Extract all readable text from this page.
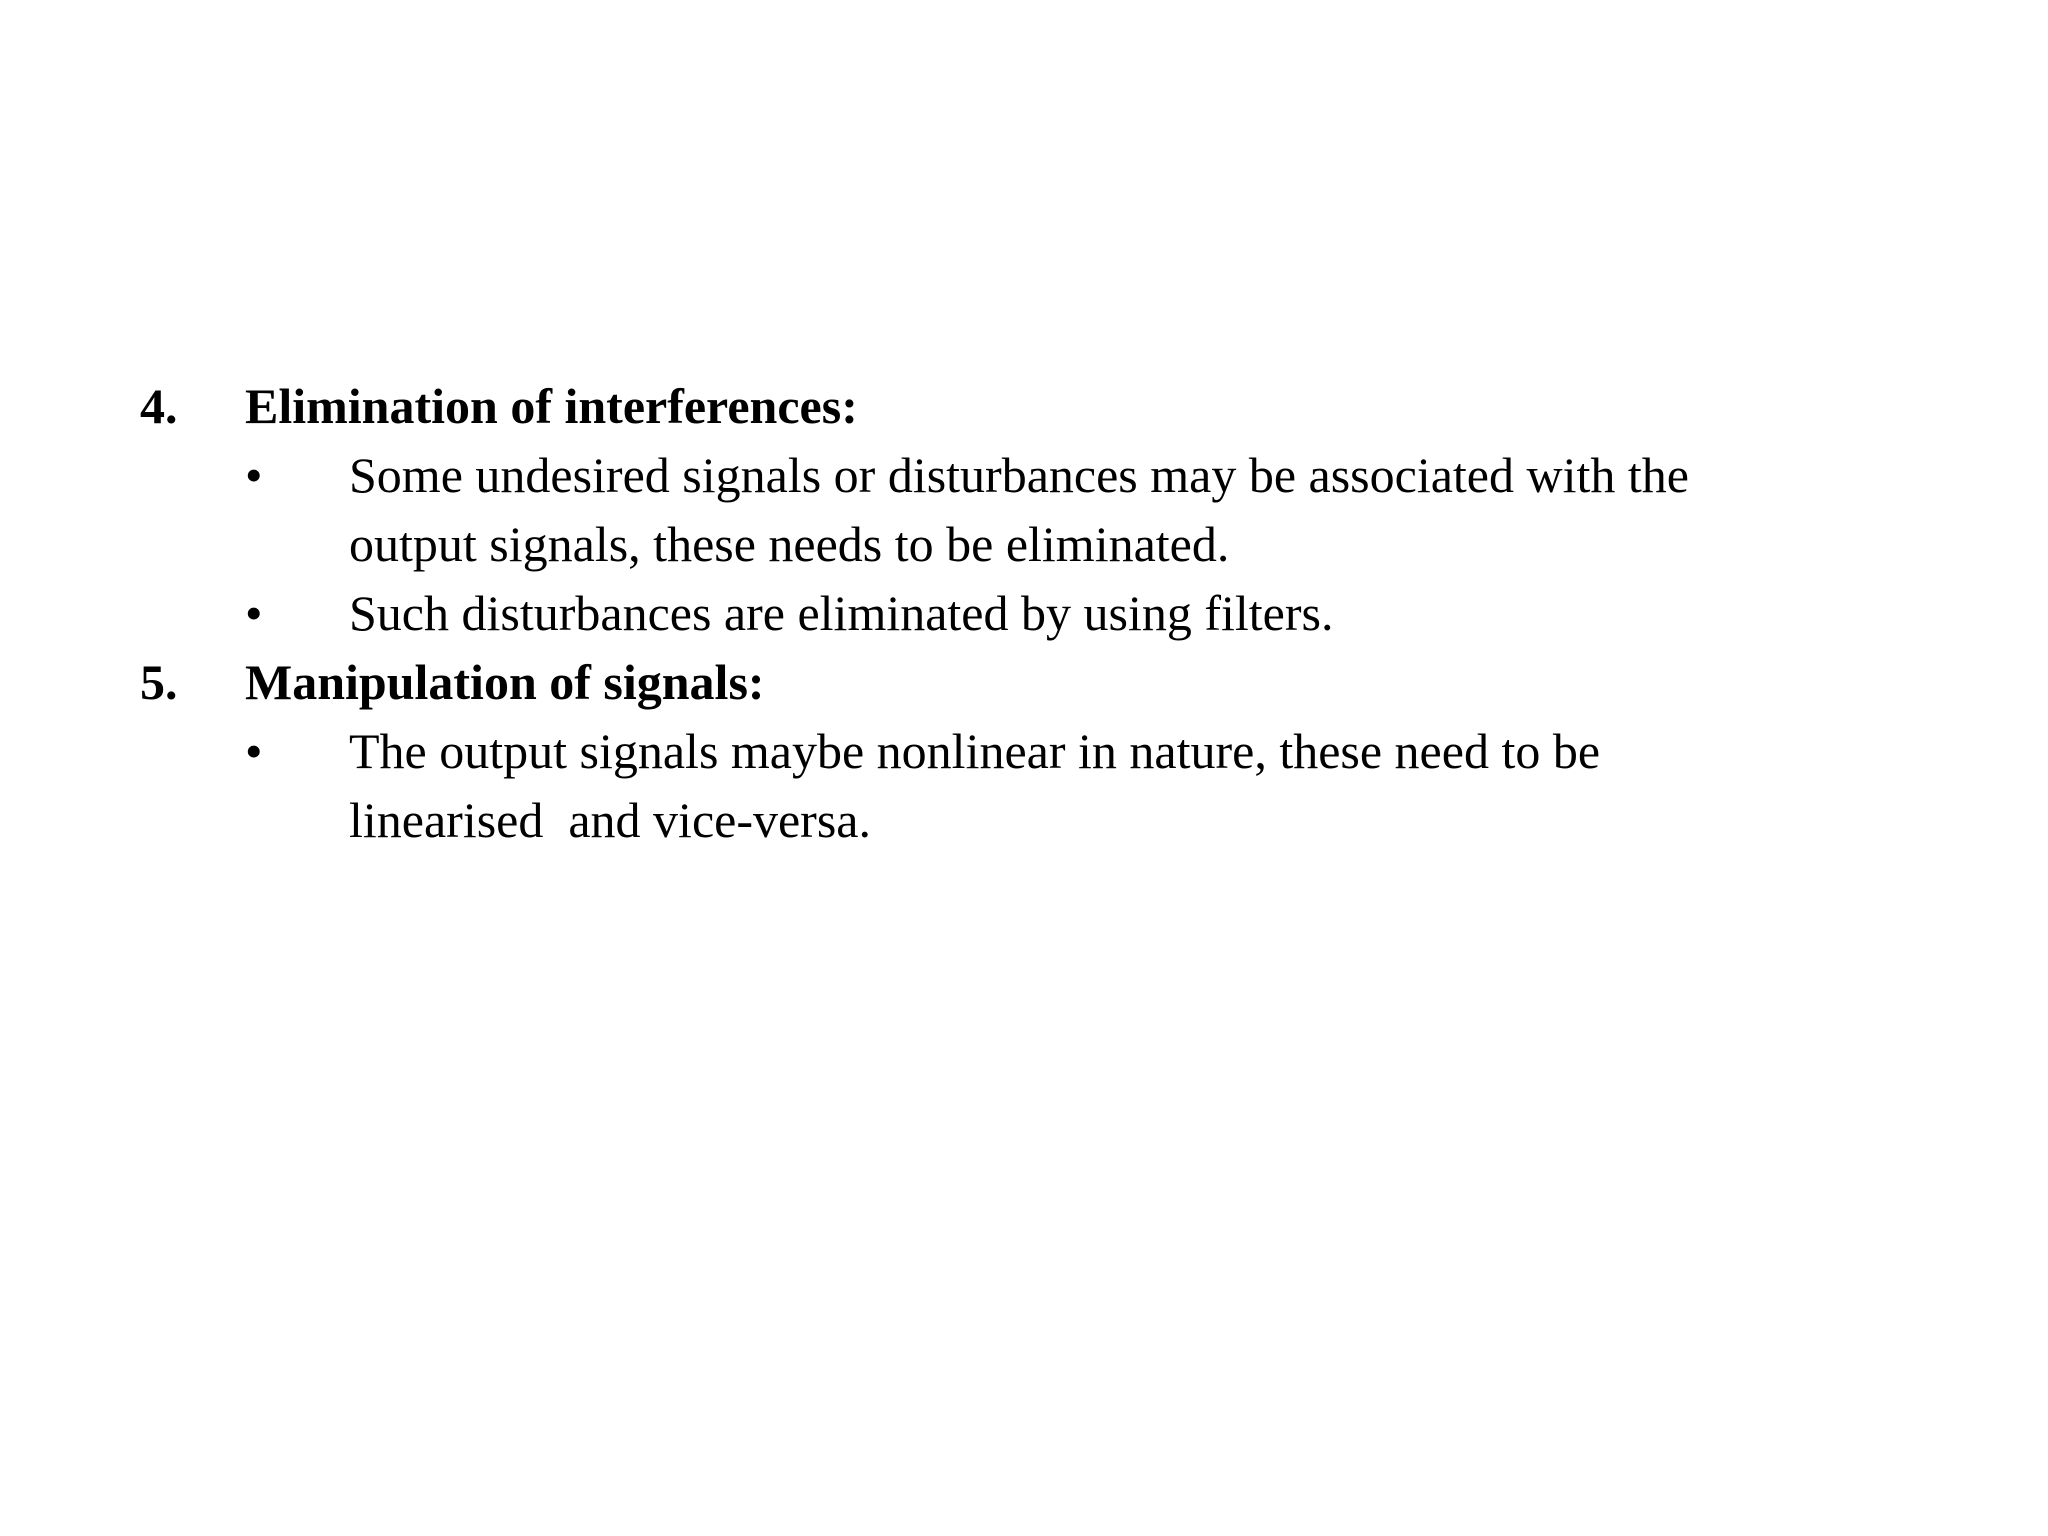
4.	Elimination of interferences:
•	Some undesired signals or disturbances may be associated with the
output signals, these needs to be eliminated.
•	Such disturbances are eliminated by using filters.
5.	Manipulation of signals:
•	The output signals maybe nonlinear in nature, these need to be
linearised  and vice-versa.
